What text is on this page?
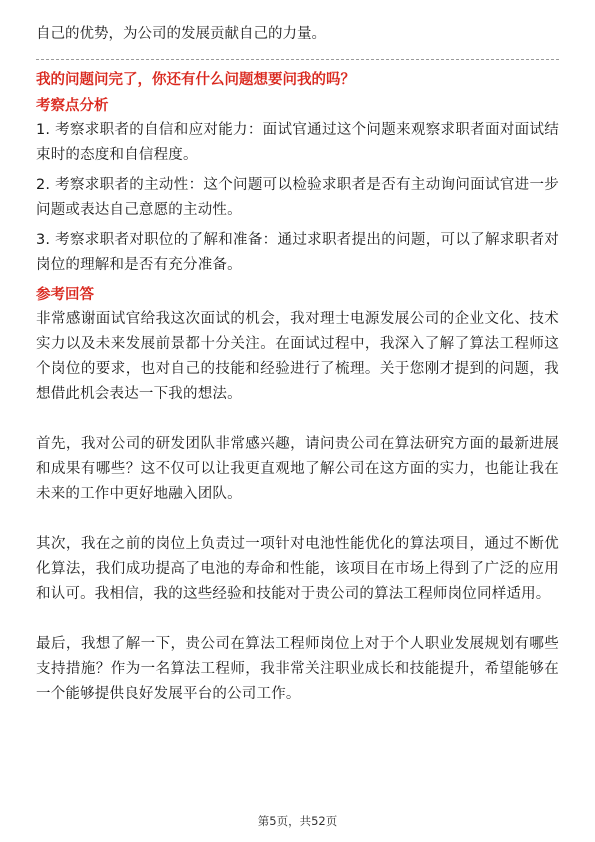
自己的优势，为公司的发展贡献自己的力量。

我的问题问完了，你还有什么问题想要问我的吗？

考察点分析

1. 考察求职者的自信和应对能力：面试官通过这个问题来观察求职者面对面试结束时的态度和自信程度。

2. 考察求职者的主动性：这个问题可以检验求职者是否有主动询问面试官进一步问题或表达自己意愿的主动性。

3. 考察求职者对职位的了解和准备：通过求职者提出的问题，可以了解求职者对岗位的理解和是否有充分准备。

参考回答

非常感谢面试官给我这次面试的机会，我对理士电源发展公司的企业文化、技术实力以及未来发展前景都十分关注。在面试过程中，我深入了解了算法工程师这个岗位的要求，也对自己的技能和经验进行了梳理。关于您刚才提到的问题，我想借此机会表达一下我的想法。

首先，我对公司的研发团队非常感兴趣，请问贵公司在算法研究方面的最新进展和成果有哪些？这不仅可以让我更直观地了解公司在这方面的实力，也能让我在未来的工作中更好地融入团队。

其次，我在之前的岗位上负责过一项针对电池性能优化的算法项目，通过不断优化算法，我们成功提高了电池的寿命和性能，该项目在市场上得到了广泛的应用和认可。我相信，我的这些经验和技能对于贵公司的算法工程师岗位同样适用。

最后，我想了解一下，贵公司在算法工程师岗位上对于个人职业发展规划有哪些支持措施？作为一名算法工程师，我非常关注职业成长和技能提升，希望能够在一个能够提供良好发展平台的公司工作。

第5页，共52页
